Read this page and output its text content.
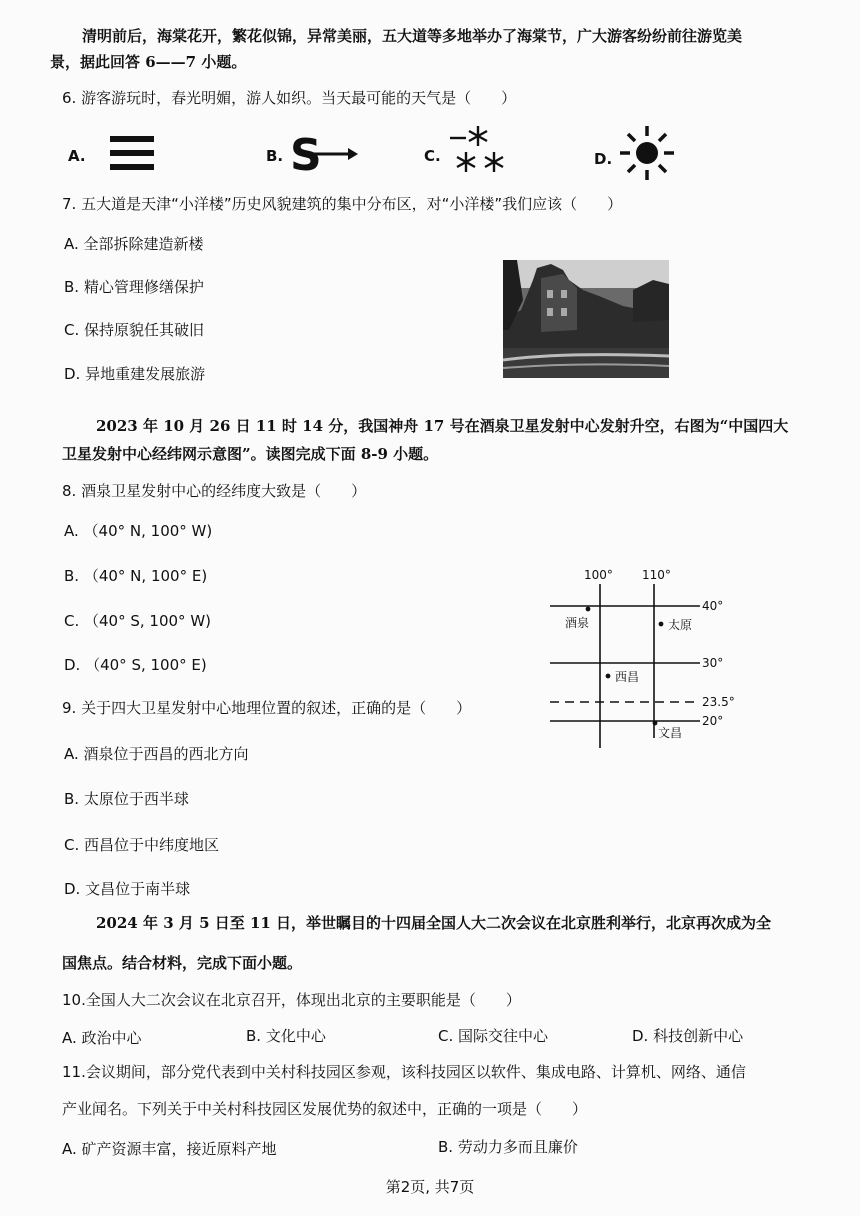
清明前后，海棠花开，繁花似锦，异常美丽，五大道等多地举办了海棠节，广大游客纷纷前往游览美
景，据此回答 6——7 小题。
6. 游客游玩时，春光明媚，游人如织。当天最可能的天气是（　　）
A.	B. S	C.	D.
7. 五大道是天津“小洋楼”历史风貌建筑的集中分布区，对“小洋楼”我们应该（　　）
A. 全部拆除建造新楼
B. 精心管理修缮保护
C. 保持原貌任其破旧
D. 异地重建发展旅游
2023 年 10 月 26 日 11 时 14 分，我国神舟 17 号在酒泉卫星发射中心发射升空，右图为“中国四大
卫星发射中心经纬网示意图”。读图完成下面 8-9 小题。
8. 酒泉卫星发射中心的经纬度大致是（　　）
A. （40° N, 100° W)
B. （40° N, 100° E)
C. （40° S, 100° W)
D. （40° S, 100° E)
100° 110°
40°
30°
23.5°
20°
酒泉	太原
西昌
文昌
9. 关于四大卫星发射中心地理位置的叙述，正确的是（　　）
A. 酒泉位于西昌的西北方向
B. 太原位于西半球
C. 西昌位于中纬度地区
D. 文昌位于南半球
2024 年 3 月 5 日至 11 日，举世瞩目的十四届全国人大二次会议在北京胜利举行，北京再次成为全
国焦点。结合材料，完成下面小题。
10.全国人大二次会议在北京召开，体现出北京的主要职能是（　　）
A. 政治中心	B. 文化中心	C. 国际交往中心	D. 科技创新中心
11.会议期间，部分党代表到中关村科技园区参观，该科技园区以软件、集成电路、计算机、网络、通信
产业闻名。下列关于中关村科技园区发展优势的叙述中，正确的一项是（　　）
A. 矿产资源丰富，接近原料产地	B. 劳动力多而且廉价
第2页, 共7页
